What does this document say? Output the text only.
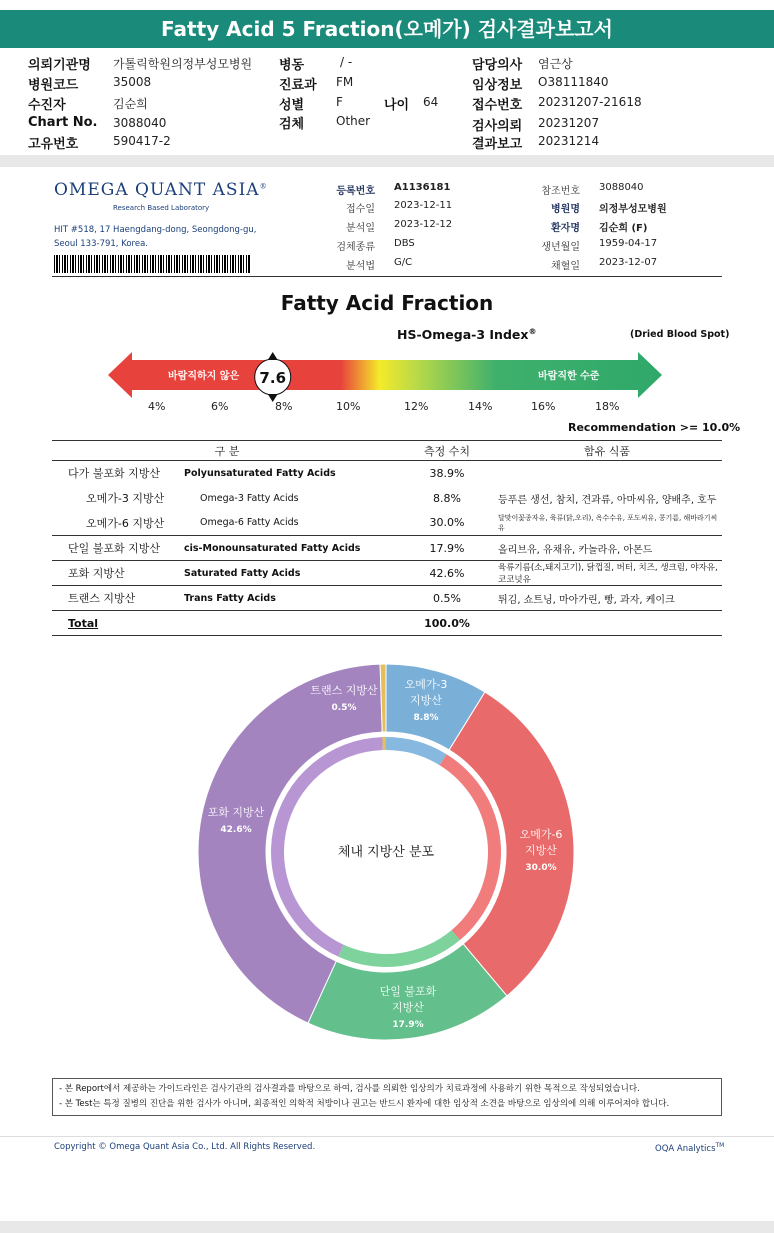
Fatty Acid 5 Fraction(오메가) 검사결과보고서
의뢰기관명 가톨릭학원의정부성모병원
병원코드	35008
수진자	김순희
Chart No. 3088040
고유번호	590417-2
병동	/ -
진료과 FM
성별	F	나이 64
검체	Other
담당의사 염근상
임상정보 O38111840
접수번호 20231207-21618
검사의뢰 20231207
결과보고 20231214
OMEGA QUANT ASIA®
Research Based Laboratory
HIT #518, 17 Haengdang-dong, Seongdong-gu,
Seoul 133-791, Korea.
등록번호 A1136181
접수일 2023-12-11
분석일 2023-12-12
검체종류 DBS
분석법 G/C
참조번호 3088040
병원명 의정부성모병원
환자명 김순희 (F)
생년월일 1959-04-17
채혈일 2023-12-07
Fatty Acid Fraction
HS-Omega-3 Index®	(Dried Blood Spot)
바람직하지 않은	바람직한 수준
7.6
4%	6%	8%	10%	12%	14%	16%	18%
Recommendation >= 10.0%
구 분		측정 수치	함유 식품
다가 불포화 지방산	Polyunsaturated Fatty Acids	38.9%	
오메가-3 지방산	Omega-3 Fatty Acids	8.8%	등푸른 생선, 참치, 견과류, 아마씨유, 양배추, 호두
오메가-6 지방산	Omega-6 Fatty Acids	30.0%	달맞이꽃종자유, 육류(닭,오리), 옥수수유, 포도씨유, 콩기름, 해바라기씨유
단일 불포화 지방산	cis-Monounsaturated Fatty Acids	17.9%	올리브유, 유채유, 카놀라유, 아몬드
포화 지방산	Saturated Fatty Acids	42.6%	육류기름(소,돼지고기), 닭껍질, 버터, 치즈, 생크림, 야자유, 코코넛유
트랜스 지방산	Trans Fatty Acids	0.5%	튀김, 쇼트닝, 마아가린, 빵, 과자, 케이크
Total		100.0%	
오메가-3
지방산
8.8%
오메가-6
지방산
30.0%
단일 불포화
지방산
17.9%
포화 지방산
42.6%
트랜스 지방산
0.5%
체내 지방산 분포
- 본 Report에서 제공하는 가이드라인은 검사기관의 검사결과를 바탕으로 하여, 검사를 의뢰한 임상의가 치료과정에 사용하기 위한 목적으로 작성되었습니다.
- 본 Test는 특정 질병의 진단을 위한 검사가 아니며, 최종적인 의학적 처방이나 권고는 반드시 환자에 대한 임상적 소견을 바탕으로 임상의에 의해 이루어져야 합니다.
Copyright © Omega Quant Asia Co., Ltd. All Rights Reserved.	OQA Analytics™
